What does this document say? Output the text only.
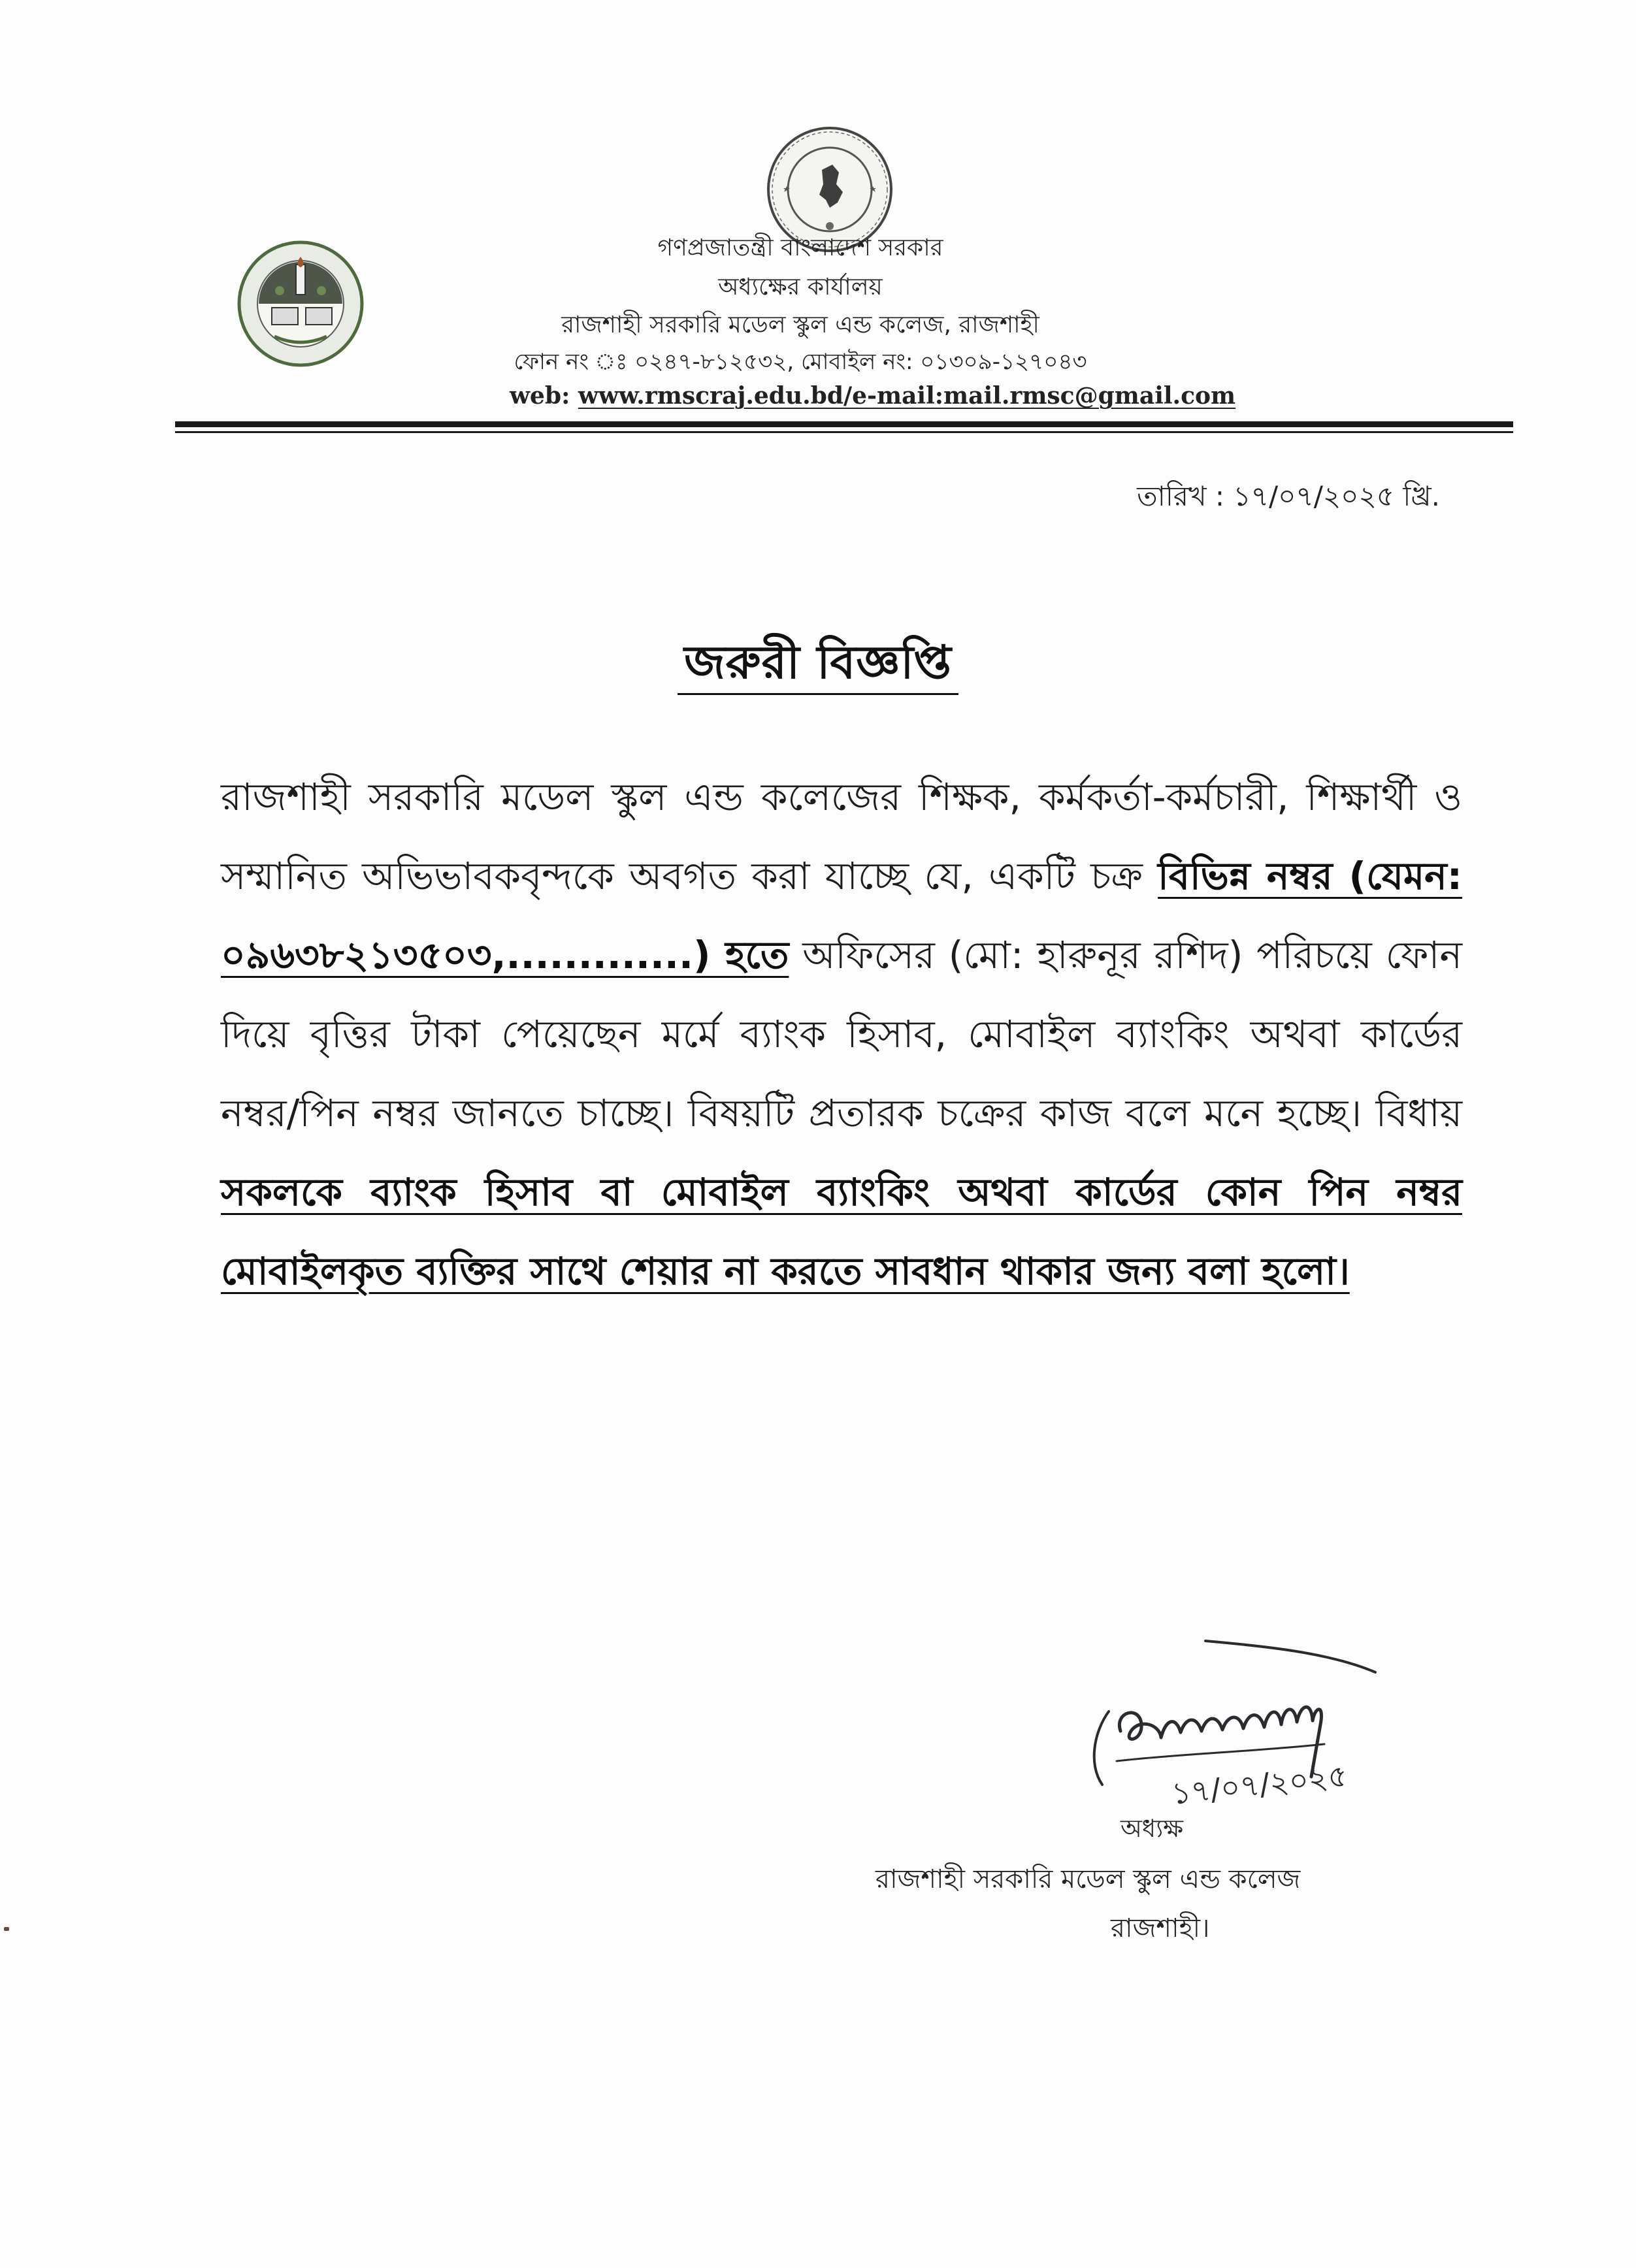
গণপ্রজাতন্ত্রী বাংলাদেশ সরকার
অধ্যক্ষের কার্যালয়
রাজশাহী সরকারি মডেল স্কুল এন্ড কলেজ, রাজশাহী
ফোন নং ঃ ০২৪৭-৮১২৫৩২, মোবাইল নং: ০১৩০৯-১২৭০৪৩
web: www.rmscraj.edu.bd/e-mail:mail.rmsc@gmail.com
তারিখ : ১৭/০৭/২০২৫ খ্রি.
জরুরী বিজ্ঞপ্তি
রাজশাহী সরকারি মডেল স্কুল এন্ড কলেজের শিক্ষক, কর্মকর্তা-কর্মচারী, শিক্ষার্থী ও সম্মানিত অভিভাবকবৃন্দকে অবগত করা যাচ্ছে যে, একটি চক্র বিভিন্ন নম্বর (যেমন: ০৯৬৩৮২১৩৫০৩,.............) হতে অফিসের (মো: হারুনূর রশিদ) পরিচয়ে ফোন দিয়ে বৃত্তির টাকা পেয়েছেন মর্মে ব্যাংক হিসাব, মোবাইল ব্যাংকিং অথবা কার্ডের নম্বর/পিন নম্বর জানতে চাচ্ছে। বিষয়টি প্রতারক চক্রের কাজ বলে মনে হচ্ছে। বিধায় সকলকে ব্যাংক হিসাব বা মোবাইল ব্যাংকিং অথবা কার্ডের কোন পিন নম্বর মোবাইলকৃত ব্যক্তির সাথে শেয়ার না করতে সাবধান থাকার জন্য বলা হলো।
১৭/০৭/২০২৫
অধ্যক্ষ
রাজশাহী সরকারি মডেল স্কুল এন্ড কলেজ
রাজশাহী।
